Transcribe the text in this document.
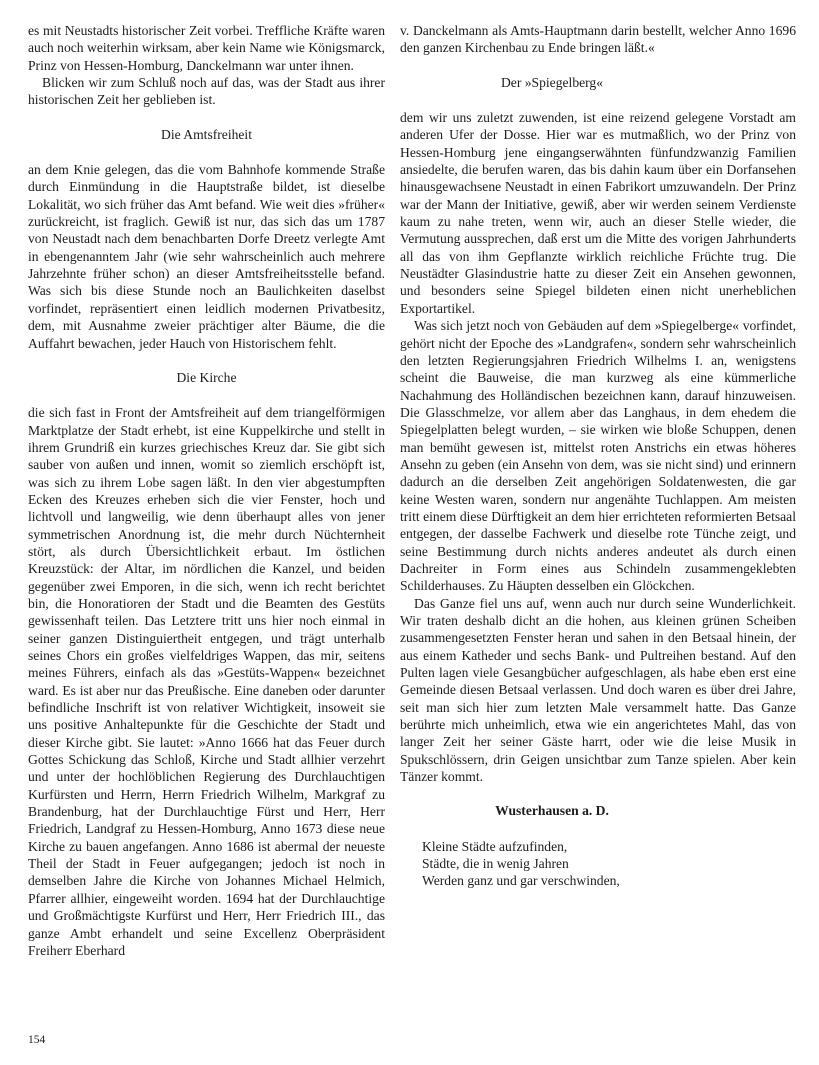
es mit Neustadts historischer Zeit vorbei. Treffliche Kräfte waren auch noch weiterhin wirksam, aber kein Name wie Königsmarck, Prinz von Hessen-Homburg, Danckelmann war unter ihnen.

Blicken wir zum Schluß noch auf das, was der Stadt aus ihrer historischen Zeit her geblieben ist.

Die Amtsfreiheit

an dem Knie gelegen, das die vom Bahnhofe kommende Straße durch Einmündung in die Hauptstraße bildet, ist dieselbe Lokalität, wo sich früher das Amt befand. Wie weit dies »früher« zurückreicht, ist fraglich. Gewiß ist nur, das sich das um 1787 von Neustadt nach dem benachbarten Dorfe Dreetz verlegte Amt in ebengenanntem Jahr (wie sehr wahrscheinlich auch mehrere Jahrzehnte früher schon) an dieser Amtsfreiheitsstelle befand. Was sich bis diese Stunde noch an Baulichkeiten daselbst vorfindet, repräsentiert einen leidlich modernen Privatbesitz, dem, mit Ausnahme zweier prächtiger alter Bäume, die die Auffahrt bewachen, jeder Hauch von Historischem fehlt.

Die Kirche

die sich fast in Front der Amtsfreiheit auf dem triangelförmigen Marktplatze der Stadt erhebt, ist eine Kuppelkirche und stellt in ihrem Grundriß ein kurzes griechisches Kreuz dar. Sie gibt sich sauber von außen und innen, womit so ziemlich erschöpft ist, was sich zu ihrem Lobe sagen läßt. In den vier abgestumpften Ecken des Kreuzes erheben sich die vier Fenster, hoch und lichtvoll und langweilig, wie denn überhaupt alles von jener symmetrischen Anordnung ist, die mehr durch Nüchternheit stört, als durch Übersichtlichkeit erbaut. Im östlichen Kreuzstück: der Altar, im nördlichen die Kanzel, und beiden gegenüber zwei Emporen, in die sich, wenn ich recht berichtet bin, die Honoratioren der Stadt und die Beamten des Gestüts gewissenhaft teilen. Das Letztere tritt uns hier noch einmal in seiner ganzen Distinguiertheit entgegen, und trägt unterhalb seines Chors ein großes vielfeldriges Wappen, das mir, seitens meines Führers, einfach als das »Gestüts-Wappen« bezeichnet ward. Es ist aber nur das Preußische. Eine daneben oder darunter befindliche Inschrift ist von relativer Wichtigkeit, insoweit sie uns positive Anhaltepunkte für die Geschichte der Stadt und dieser Kirche gibt. Sie lautet: »Anno 1666 hat das Feuer durch Gottes Schickung das Schloß, Kirche und Stadt allhier verzehrt und unter der hochlöblichen Regierung des Durchlauchtigen Kurfürsten und Herrn, Herrn Friedrich Wilhelm, Markgraf zu Brandenburg, hat der Durchlauchtige Fürst und Herr, Herr Friedrich, Landgraf zu Hessen-Homburg, Anno 1673 diese neue Kirche zu bauen angefangen. Anno 1686 ist abermal der neueste Theil der Stadt in Feuer aufgegangen; jedoch ist noch in demselben Jahre die Kirche von Johannes Michael Helmich, Pfarrer allhier, eingeweiht worden. 1694 hat der Durchlauchtige und Großmächtigste Kurfürst und Herr, Herr Friedrich III., das ganze Ambt erhandelt und seine Excellenz Oberpräsident Freiherr Eberhard

v. Danckelmann als Amts-Hauptmann darin bestellt, welcher Anno 1696 den ganzen Kirchenbau zu Ende bringen läßt.«

Der »Spiegelberg«

dem wir uns zuletzt zuwenden, ist eine reizend gelegene Vorstadt am anderen Ufer der Dosse. Hier war es mutmaßlich, wo der Prinz von Hessen-Homburg jene eingangserwähnten fünfundzwanzig Familien ansiedelte, die berufen waren, das bis dahin kaum über ein Dorfansehen hinausgewachsene Neustadt in einen Fabrikort umzuwandeln. Der Prinz war der Mann der Initiative, gewiß, aber wir werden seinem Verdienste kaum zu nahe treten, wenn wir, auch an dieser Stelle wieder, die Vermutung aussprechen, daß erst um die Mitte des vorigen Jahrhunderts all das von ihm Gepflanzte wirklich reichliche Früchte trug. Die Neustädter Glasindustrie hatte zu dieser Zeit ein Ansehen gewonnen, und besonders seine Spiegel bildeten einen nicht unerheblichen Exportartikel.

Was sich jetzt noch von Gebäuden auf dem »Spiegelberge« vorfindet, gehört nicht der Epoche des »Landgrafen«, sondern sehr wahrscheinlich den letzten Regierungsjahren Friedrich Wilhelms I. an, wenigstens scheint die Bauweise, die man kurzweg als eine kümmerliche Nachahmung des Holländischen bezeichnen kann, darauf hinzuweisen. Die Glasschmelze, vor allem aber das Langhaus, in dem ehedem die Spiegelplatten belegt wurden, – sie wirken wie bloße Schuppen, denen man bemüht gewesen ist, mittelst roten Anstrichs ein etwas höheres Ansehn zu geben (ein Ansehn von dem, was sie nicht sind) und erinnern dadurch an die derselben Zeit angehörigen Soldatenwesten, die gar keine Westen waren, sondern nur angenähte Tuchlappen. Am meisten tritt einem diese Dürftigkeit an dem hier errichteten reformierten Betsaal entgegen, der dasselbe Fachwerk und dieselbe rote Tünche zeigt, und seine Bestimmung durch nichts anderes andeutet als durch einen Dachreiter in Form eines aus Schindeln zusammengeklebten Schilderhauses. Zu Häupten desselben ein Glöckchen.

Das Ganze fiel uns auf, wenn auch nur durch seine Wunderlichkeit. Wir traten deshalb dicht an die hohen, aus kleinen grünen Scheiben zusammengesetzten Fenster heran und sahen in den Betsaal hinein, der aus einem Katheder und sechs Bank- und Pultreihen bestand. Auf den Pulten lagen viele Gesangbücher aufgeschlagen, als habe eben erst eine Gemeinde diesen Betsaal verlassen. Und doch waren es über drei Jahre, seit man sich hier zum letzten Male versammelt hatte. Das Ganze berührte mich unheimlich, etwa wie ein angerichtetes Mahl, das von langer Zeit her seiner Gäste harrt, oder wie die leise Musik in Spukschlössern, drin Geigen unsichtbar zum Tanze spielen. Aber kein Tänzer kommt.

Wusterhausen a. D.

Kleine Städte aufzufinden,

Städte, die in wenig Jahren

Werden ganz und gar verschwinden,

154
